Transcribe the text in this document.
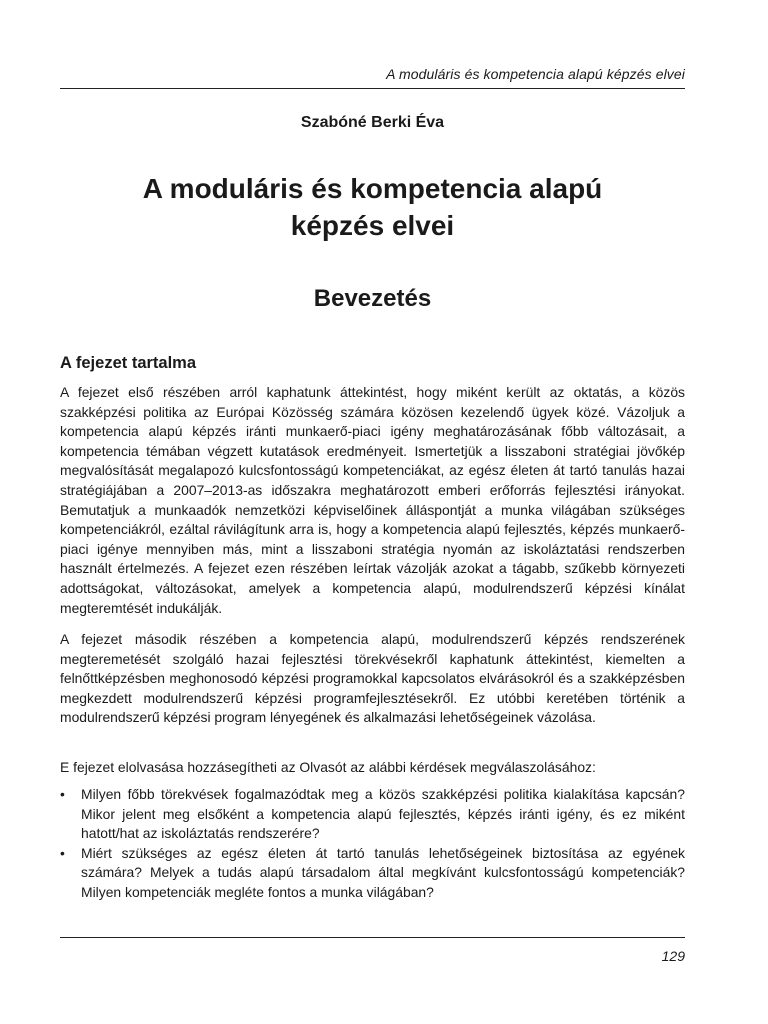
A moduláris és kompetencia alapú képzés elvei
Szabóné Berki Éva
A moduláris és kompetencia alapú
képzés elvei
Bevezetés
A fejezet tartalma

A fejezet első részében arról kaphatunk áttekintést, hogy miként került az oktatás, a közös szakképzési politika az Európai Közösség számára közösen kezelendő ügyek közé. Vázoljuk a kompetencia alapú képzés iránti munkaerő-piaci igény meghatározásának főbb változásait, a kompetencia témában végzett kutatások eredményeit. Ismertetjük a lisszaboni stratégiai jövőkép megvalósítását megalapozó kulcsfontosságú kompetenciákat, az egész életen át tartó tanulás hazai stratégiájában a 2007–2013-as időszakra meghatározott emberi erőforrás fejlesztési irányokat. Bemutatjuk a munkaadók nemzetközi képviselőinek álláspontját a munka világában szükséges kompetenciákról, ezáltal rávilágítunk arra is, hogy a kompetencia alapú fejlesztés, képzés munkaerő-piaci igénye mennyiben más, mint a lisszaboni stratégia nyomán az iskoláztatási rendszerben használt értelmezés. A fejezet ezen részében leírtak vázolják azokat a tágabb, szűkebb környezeti adottságokat, változásokat, amelyek a kompetencia alapú, modulrendszerű képzési kínálat megteremtését indukálják.

A fejezet második részében a kompetencia alapú, modulrendszerű képzés rendszerének megteremetését szolgáló hazai fejlesztési törekvésekről kaphatunk áttekintést, kiemelten a felnőttképzésben meghonosodó képzési programokkal kapcsolatos elvárásokról és a szakképzésben megkezdett modulrendszerű képzési programfejlesztésekről. Ez utóbbi keretében történik a modulrendszerű képzési program lényegének és alkalmazási lehetőségeinek vázolása.

E fejezet elolvasása hozzásegítheti az Olvasót az alábbi kérdések megválaszolásához:

• Milyen főbb törekvések fogalmazódtak meg a közös szakképzési politika kialakítása kapcsán? Mikor jelent meg elsőként a kompetencia alapú fejlesztés, képzés iránti igény, és ez miként hatott/hat az iskoláztatás rendszerére?
• Miért szükséges az egész életen át tartó tanulás lehetőségeinek biztosítása az egyének számára? Melyek a tudás alapú társadalom által megkívánt kulcsfontosságú kompetenciák? Milyen kompetenciák megléte fontos a munka világában?
129
